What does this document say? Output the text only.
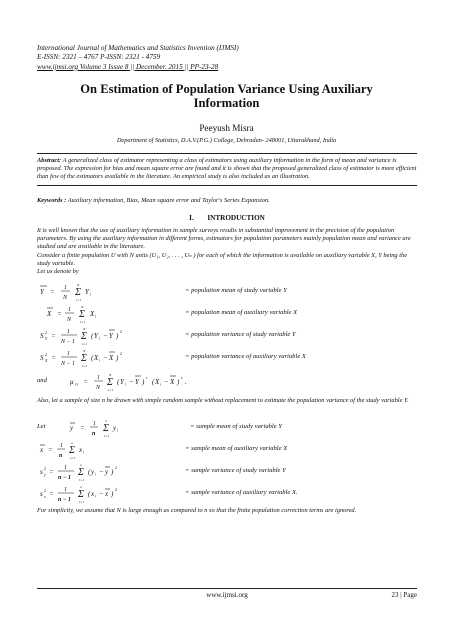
International Journal of Mathematics and Statistics Invention (IJMSI)
E-ISSN: 2321 – 4767 P-ISSN: 2321 - 4759
www.ijmsi.org Volume 3 Issue 8 || December. 2015 || PP-23-28
On Estimation of Population Variance Using Auxiliary
Information
Peeyush Misra
Department of Statistics, D.A.V.(P.G.) College, Dehradun- 248001, Uttarakhand, India
Abstract: A generalized class of estimator representing a class of estimators using auxiliary information in the form of mean and variance is proposed. The expression for bias and mean square error are found and it is shown that the proposed generalized class of estimator is more efficient than few of the estimators available in the literature. An empirical study is also included as an illustration.
Keywords : Auxiliary information, Bias, Mean square error and Taylor's Series Expansion.
I. INTRODUCTION
It is well known that the use of auxiliary information in sample surveys results in substantial improvement in the precision of the population parameters. By using the auxiliary information in different forms, estimators for population parameters mainly population mean and variance are studied and are available in the literature.
Consider a finite population U with N units (U₁, U₂, . . . , Uₙ ) for each of which the information is available on auxiliary variable X, Y being the study variable.
Let us denote by
Y = 1
N Σ
N
i=1
Y i	= population mean of study variable Y
X = 1
N Σ
N
i=1
X i	= population mean of auxiliary variable X
S 2
Y = 1
N − 1 Σ
N
i=1
( Y i − Y )
2	= population variance of study variable Y
S 2
X = 1
N − 1 Σ
N
i=1
( X i − X )
2	= population variance of auxiliary variable X
and	μ rs = 1
N Σ
N
i=1
( Y i − Y )
r
( X i − X )
s
.
Also, let a sample of size n be drawn with simple random sample without replacement to estimate the population variance of the study variable Y.
Let	y = 1
n Σ
n
i=1
y i	= sample mean of study variable Y
x = 1
n Σ
n
i=1
x i	= sample mean of auxiliary variable X
s 2
y = 1
n − 1 Σ
n
i=1
( y i − y )
2	= sample variance of study variable Y
s 2
x = 1
n − 1 Σ
n
i=1
( x i − x )
2	= sample variance of auxiliary variable X.
For simplicity, we assume that N is large enough as compared to n so that the finite population correction terms are ignored.
www.ijmsi.org	23 | Page
